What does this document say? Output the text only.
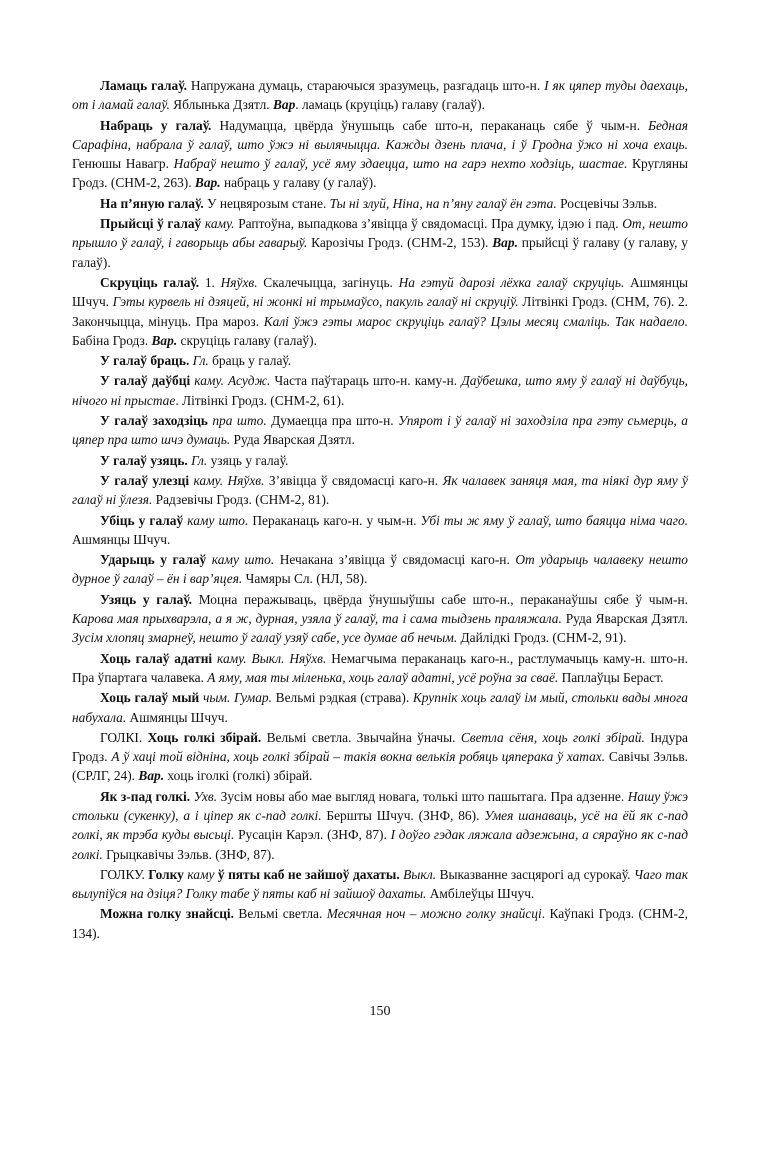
Ламаць галаў. Напружана думаць, стараючыся зразумець, разгадаць што-н. І як цяпер туды даехаць, от і ламай галаў. Яблынька Дзятл. Вар. ламаць (круціць) галаву (галаў).

Набраць у галаў. Надумацца, цвёрда ўнушыць сабе што-н, пераканаць сябе ў чым-н. Бедная Сарафіна, набрала ў галаў, што ўжэ ні вылячыцца. Кажды дзень плача, і ў Гродна ўжо ні хоча ехаць. Генюшы Навагр. Набраў нешто ў галаў, усё яму здаецца, што на гарэ нехто ходзіць, шастае. Кругляны Гродз. (СНМ-2, 263). Вар. набраць у галаву (у галаў).

На п’яную галаў. У нецвярозым стане. Ты ні злуй, Ніна, на п’яну галаў ён гэта. Росцевічы Зэльв.

Прыйсці ў галаў каму. Раптоўна, выпадкова з’явіцца ў свядомасці. Пра думку, ідэю і пад. От, нешто прышло ў галаў, і гаворыць абы гаварыў. Карозічы Гродз. (СНМ-2, 153). Вар. прыйсці ў галаву (у галаву, у галаў).

Скруціць галаў. 1. Няўхв. Скалечыцца, загінуць. На гэтуй дарозі лёхка галаў скруціць. Ашмянцы Шчуч. Гэты курвель ні дзяцей, ні жонкі ні трымаўсо, пакуль галаў ні скруціў. Літвінкі Гродз. (СНМ, 76). 2. Закончыцца, мінуць. Пра мароз. Калі ўжэ гэты марос скруціць галаў? Цэлы месяц смаліць. Так надаело. Бабіна Гродз. Вар. скруціць галаву (галаў).

У галаў браць. Гл. браць у галаў.

У галаў даўбці каму. Асудж. Часта паўтараць што-н. каму-н. Даўбешка, што яму ў галаў ні даўбуць, нічого ні прыстае. Літвінкі Гродз. (СНМ-2, 61).

У галаў заходзіць пра што. Думаецца пра што-н. Упярот і ў галаў ні заходзіла пра гэту сьмерць, а цяпер пра што шчэ думаць. Руда Яварская Дзятл.

У галаў узяць. Гл. узяць у галаў.

У галаў улезці каму. Няўхв. З’явіцца ў свядомасці каго-н. Як чалавек заняця мая, та ніякі дур яму ў галаў ні ўлезя. Радзевічы Гродз. (СНМ-2, 81).

Убіць у галаў каму што. Пераканаць каго-н. у чым-н. Убі ты ж яму ў галаў, што баяцца німа чаго. Ашмянцы Шчуч.

Ударыць у галаў каму што. Нечакана з’явіцца ў свядомасці каго-н. От ударыць чалавеку нешто дурное ў галаў – ён і вар’яцея. Чамяры Сл. (НЛ, 58).

Узяць у галаў. Моцна перажываць, цвёрда ўнушыўшы сабе што-н., пераканаўшы сябе ў чым-н. Карова мая прыхварэла, а я ж, дурная, узяла ў галаў, та і сама тыдзень праляжала. Руда Яварская Дзятл. Зусім хлопяц змарнеў, нешто ў галаў узяў сабе, усе думае аб нечым. Дайлідкі Гродз. (СНМ-2, 91).

Хоць галаў адатні каму. Выкл. Няўхв. Немагчыма пераканаць каго-н., растлумачыць каму-н. што-н. Пра ўпартага чалавека. А яму, мая ты міленька, хоць галаў адатні, усё роўна за сваё. Паплаўцы Бераст.

Хоць галаў мый чым. Гумар. Вельмі рэдкая (страва). Крупнік хоць галаў ім мый, стольки вады многа набухала. Ашмянцы Шчуч.

ГОЛКІ. Хоць голкі збірай. Вельмі светла. Звычайна ўначы. Светла сёня, хоць голкі збірай. Індура Гродз. А ў хаці той відніна, хоць голкі збірай – такія вокна велькія робяць цяперака ў хатах. Савічы Зэльв. (СРЛГ, 24). Вар. хоць іголкі (голкі) збірай.

Як з-пад голкі. Ухв. Зусім новы або мае выгляд новага, толькі што пашытага. Пра адзенне. Нашу ўжэ стольки (сукенку), а і ціпер як с-пад голкі. Бершты Шчуч. (ЗНФ, 86). Умея шанаваць, усё на ёй як с-пад голкі, як трэба куды высьці. Русацін Карэл. (ЗНФ, 87). І доўго гэдак ляжала адзежына, а сяраўно як с-пад голкі. Грыцкавічы Зэльв. (ЗНФ, 87).

ГОЛКУ. Голку каму ў пяты каб не зайшоў дахаты. Выкл. Выказванне засцярогі ад сурокаў. Чаго так вылупіўся на дзіця? Голку табе ў пяты каб ні зайшоў дахаты. Амбілеўцы Шчуч.

Можна голку знайсці. Вельмі светла. Месячная ноч – можно голку знайсці. Каўпакі Гродз. (СНМ-2, 134).

150
